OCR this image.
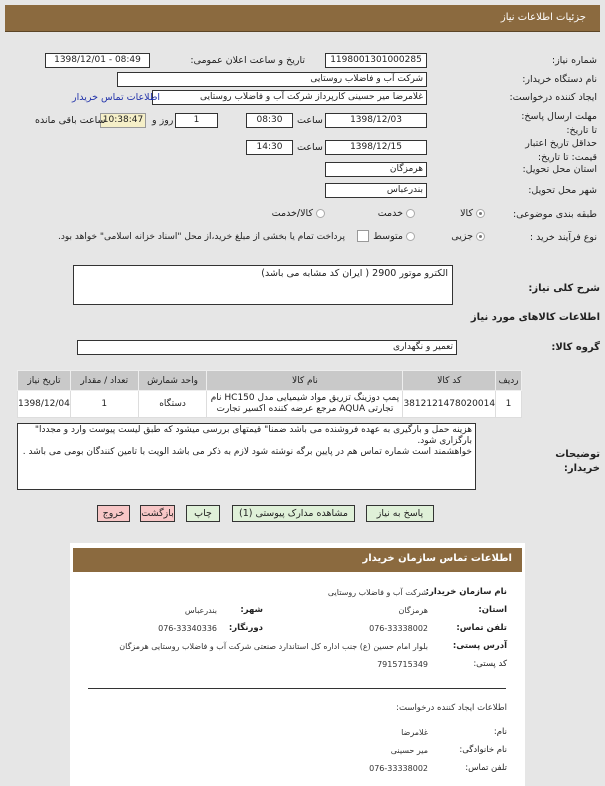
جزئیات اطلاعات نیاز
شماره نیاز:
1198001301000285
تاریخ و ساعت اعلان عمومی:
1398/12/01 - 08:49
نام دستگاه خریدار:
شرکت آب و فاضلاب روستایی
ایجاد کننده درخواست:
غلامرضا میر حسینی کارپرداز شرکت آب و فاضلاب روستایی
اطلاعات تماس خریدار
مهلت ارسال پاسخ: تا تاریخ:
1398/12/03
ساعت
08:30
1
روز و
10:38:47
ساعت باقی مانده
حداقل تاریخ اعتبار قیمت: تا تاریخ:
1398/12/15
ساعت
14:30
استان محل تحویل:
هرمزگان
شهر محل تحویل:
بندرعباس
طبقه بندی موضوعی:
کالا
خدمت
کالا/خدمت
نوع فرآیند خرید :
جزیی
متوسط
پرداخت تمام یا بخشی از مبلغ خرید،از محل "اسناد خزانه اسلامی" خواهد بود.
شرح کلی نیاز:
الکترو موتور 2900 ( ایران کد مشابه می باشد)
اطلاعات کالاهای مورد نیاز
گروه کالا:
تعمیر و نگهداری
ردیف	کد کالا	نام کالا	واحد شمارش	تعداد / مقدار	تاریخ نیاز
1	3812121478020014	پمپ دوزینگ تزریق مواد شیمیایی مدل HC150 نام تجارتی AQUA مرجع عرضه کننده اکسیر تجارت	دستگاه	1	1398/12/04
توضیحات خریدار:
هزینه حمل و بارگیری به عهده فروشنده می باشد ضمنا" قیمتهای بررسی میشود که طبق لیست پیوست وارد و مجددا" بارگزاری شود.
خواهشمند است شماره تماس هم در پایین برگه نوشته شود لازم به ذکر می باشد الویت با تامین کنندگان بومی می باشد .
پاسخ به نیاز
مشاهده مدارک پیوستی (1)
چاپ
بازگشت
خروج
اطلاعات تماس سازمان خریدار
نام سازمان خریدار:
شرکت آب و فاضلاب روستایی
استان:
هرمزگان
شهر:
بندرعباس
تلفن تماس:
076-33338002
دورنگار:
076-33340336
آدرس پستی:
بلوار امام حسین (ع) جنب اداره کل استاندارد صنعتی شرکت آب و فاضلاب روستایی هرمزگان
کد پستی:
7915715349
اطلاعات ایجاد کننده درخواست:
نام:
غلامرضا
نام خانوادگی:
میر حسینی
تلفن تماس:
076-33338002
